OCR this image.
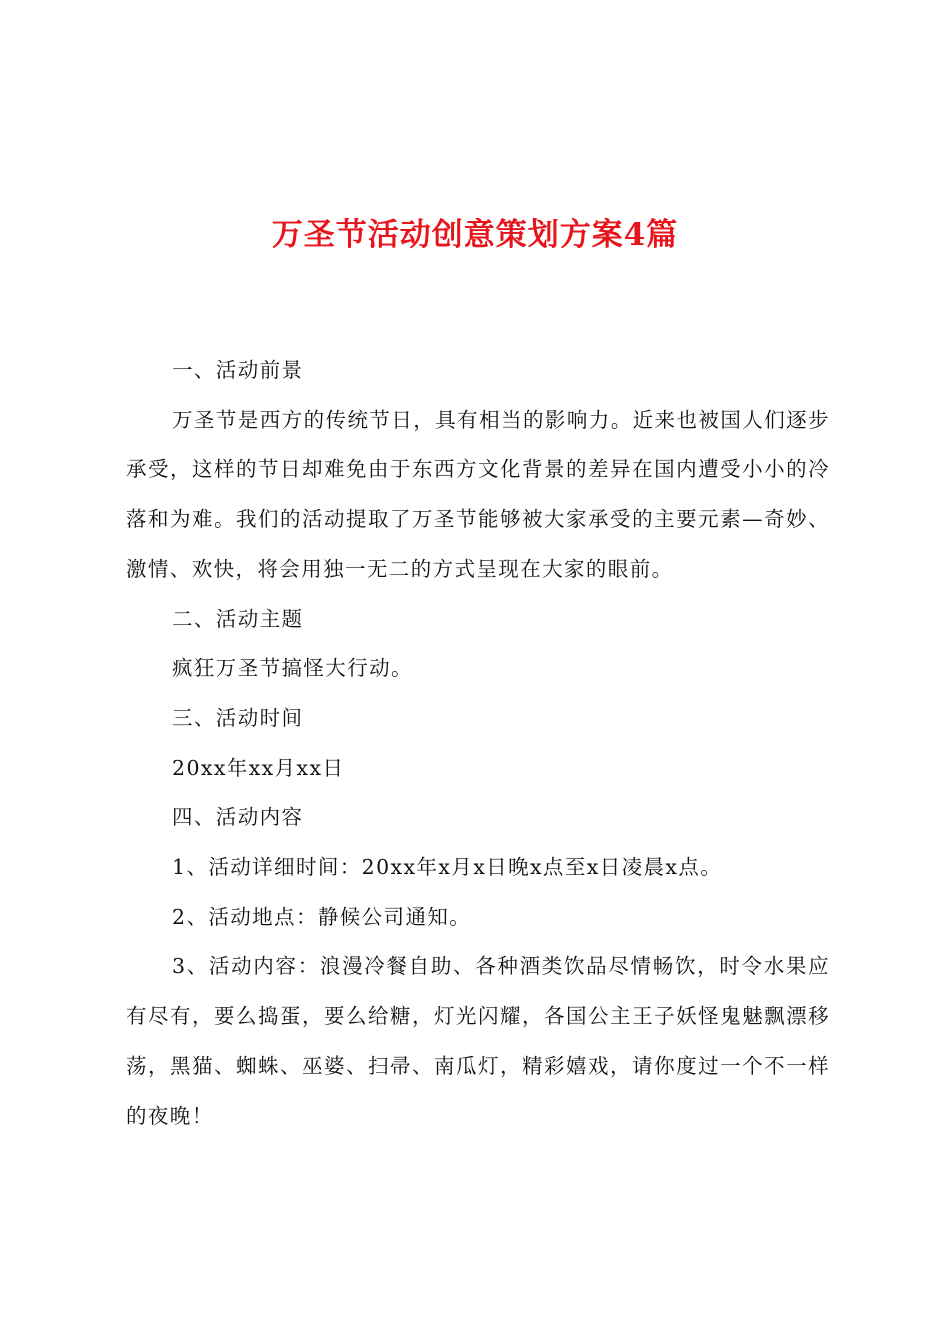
万圣节活动创意策划方案4篇

一、活动前景

万圣节是西方的传统节日，具有相当的影响力。近来也被国人们逐步承受，这样的节日却难免由于东西方文化背景的差异在国内遭受小小的冷落和为难。我们的活动提取了万圣节能够被大家承受的主要元素—奇妙、激情、欢快，将会用独一无二的方式呈现在大家的眼前。

二、活动主题

疯狂万圣节搞怪大行动。

三、活动时间

20xx年xx月xx日

四、活动内容

1、活动详细时间：20xx年x月x日晚x点至x日凌晨x点。

2、活动地点：静候公司通知。

3、活动内容：浪漫冷餐自助、各种酒类饮品尽情畅饮，时令水果应有尽有，要么捣蛋，要么给糖，灯光闪耀，各国公主王子妖怪鬼魅飘漂移荡，黑猫、蜘蛛、巫婆、扫帚、南瓜灯，精彩嬉戏，请你度过一个不一样的夜晚！
